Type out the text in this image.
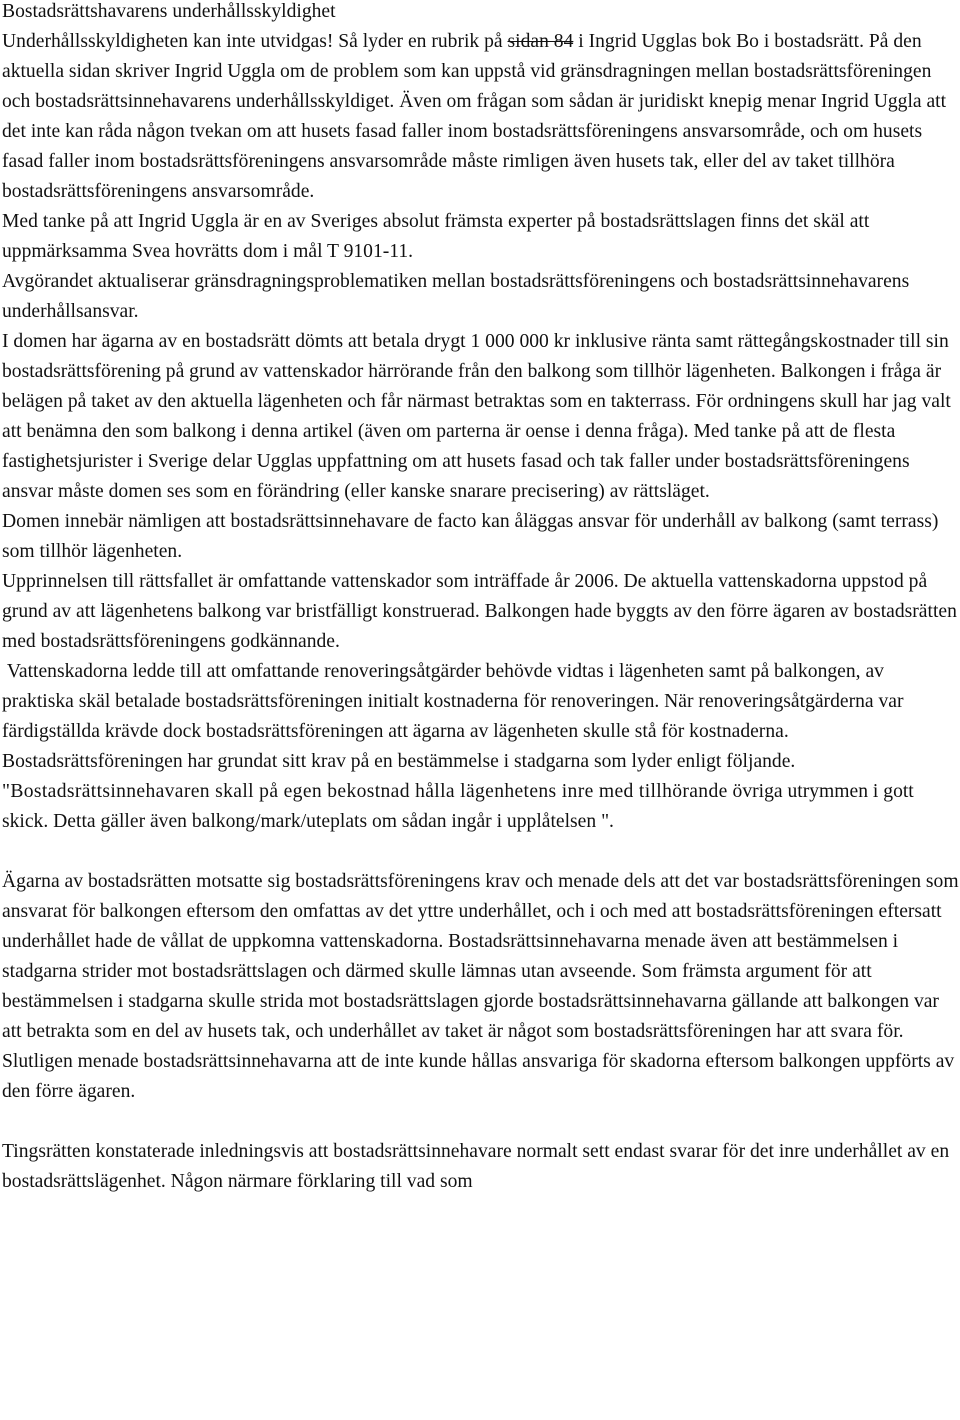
Bostadsrättshavarens underhållsskyldighet

Underhållsskyldigheten kan inte utvidgas! Så lyder en rubrik på sidan 84 i Ingrid Ugglas bok Bo i bostadsrätt. På den aktuella sidan skriver Ingrid Uggla om de problem som kan uppstå vid gränsdragningen mellan bostadsrättsföreningen och bostadsrättsinnehavarens underhållsskyldiget. Även om frågan som sådan är juridiskt knepig menar Ingrid Uggla att det inte kan råda någon tvekan om att husets fasad faller inom bostadsrättsföreningens ansvarsområde, och om husets fasad faller inom bostadsrättsföreningens ansvarsområde måste rimligen även husets tak, eller del av taket tillhöra bostadsrättsföreningens ansvarsområde.

Med tanke på att Ingrid Uggla är en av Sveriges absolut främsta experter på bostadsrättslagen finns det skäl att uppmärksamma Svea hovrätts dom i mål T 9101-11.

Avgörandet aktualiserar gränsdragningsproblematiken mellan bostadsrättsföreningens och bostadsrättsinnehavarens underhållsansvar.

I domen har ägarna av en bostadsrätt dömts att betala drygt 1 000 000 kr inklusive ränta samt rättegångskostnader till sin bostadsrättsförening på grund av vattenskador härrörande från den balkong som tillhör lägenheten. Balkongen i fråga är belägen på taket av den aktuella lägenheten och får närmast betraktas som en takterrass. För ordningens skull har jag valt att benämna den som balkong i denna artikel (även om parterna är oense i denna fråga). Med tanke på att de flesta fastighetsjurister i Sverige delar Ugglas uppfattning om att husets fasad och tak faller under bostadsrättsföreningens ansvar måste domen ses som en förändring (eller kanske snarare precisering) av rättsläget.

Domen innebär nämligen att bostadsrättsinnehavare de facto kan åläggas ansvar för underhåll av balkong (samt terrass) som tillhör lägenheten.

Upprinnelsen till rättsfallet är omfattande vattenskador som inträffade år 2006. De aktuella vattenskadorna uppstod på grund av att lägenhetens balkong var bristfälligt konstruerad. Balkongen hade byggts av den förre ägaren av bostadsrätten med bostadsrättsföreningens godkännande.

Vattenskadorna ledde till att omfattande renoveringsåtgärder behövde vidtas i lägenheten samt på balkongen, av praktiska skäl betalade bostadsrättsföreningen initialt kostnaderna för renoveringen. När renoveringsåtgärderna var färdigställda krävde dock bostadsrättsföreningen att ägarna av lägenheten skulle stå för kostnaderna. Bostadsrättsföreningen har grundat sitt krav på en bestämmelse i stadgarna som lyder enligt följande.

"Bostadsrättsinnehavaren skall på egen bekostnad hålla lägenhetens inre med tillhörande övriga utrymmen i gott skick. Detta gäller även balkong/mark/uteplats om sådan ingår i upplåtelsen ".

Ägarna av bostadsrätten motsatte sig bostadsrättsföreningens krav och menade dels att det var bostadsrättsföreningen som ansvarat för balkongen eftersom den omfattas av det yttre underhållet, och i och med att bostadsrättsföreningen eftersatt underhållet hade de vållat de uppkomna vattenskadorna. Bostadsrättsinnehavarna menade även att bestämmelsen i stadgarna strider mot bostadsrättslagen och därmed skulle lämnas utan avseende. Som främsta argument för att bestämmelsen i stadgarna skulle strida mot bostadsrättslagen gjorde bostadsrättsinnehavarna gällande att balkongen var att betrakta som en del av husets tak, och underhållet av taket är något som bostadsrättsföreningen har att svara för. Slutligen menade bostadsrättsinnehavarna att de inte kunde hållas ansvariga för skadorna eftersom balkongen uppförts av den förre ägaren.

Tingsrätten konstaterade inledningsvis att bostadsrättsinnehavare normalt sett endast svarar för det inre underhållet av en bostadsrättslägenhet. Någon närmare förklaring till vad som
